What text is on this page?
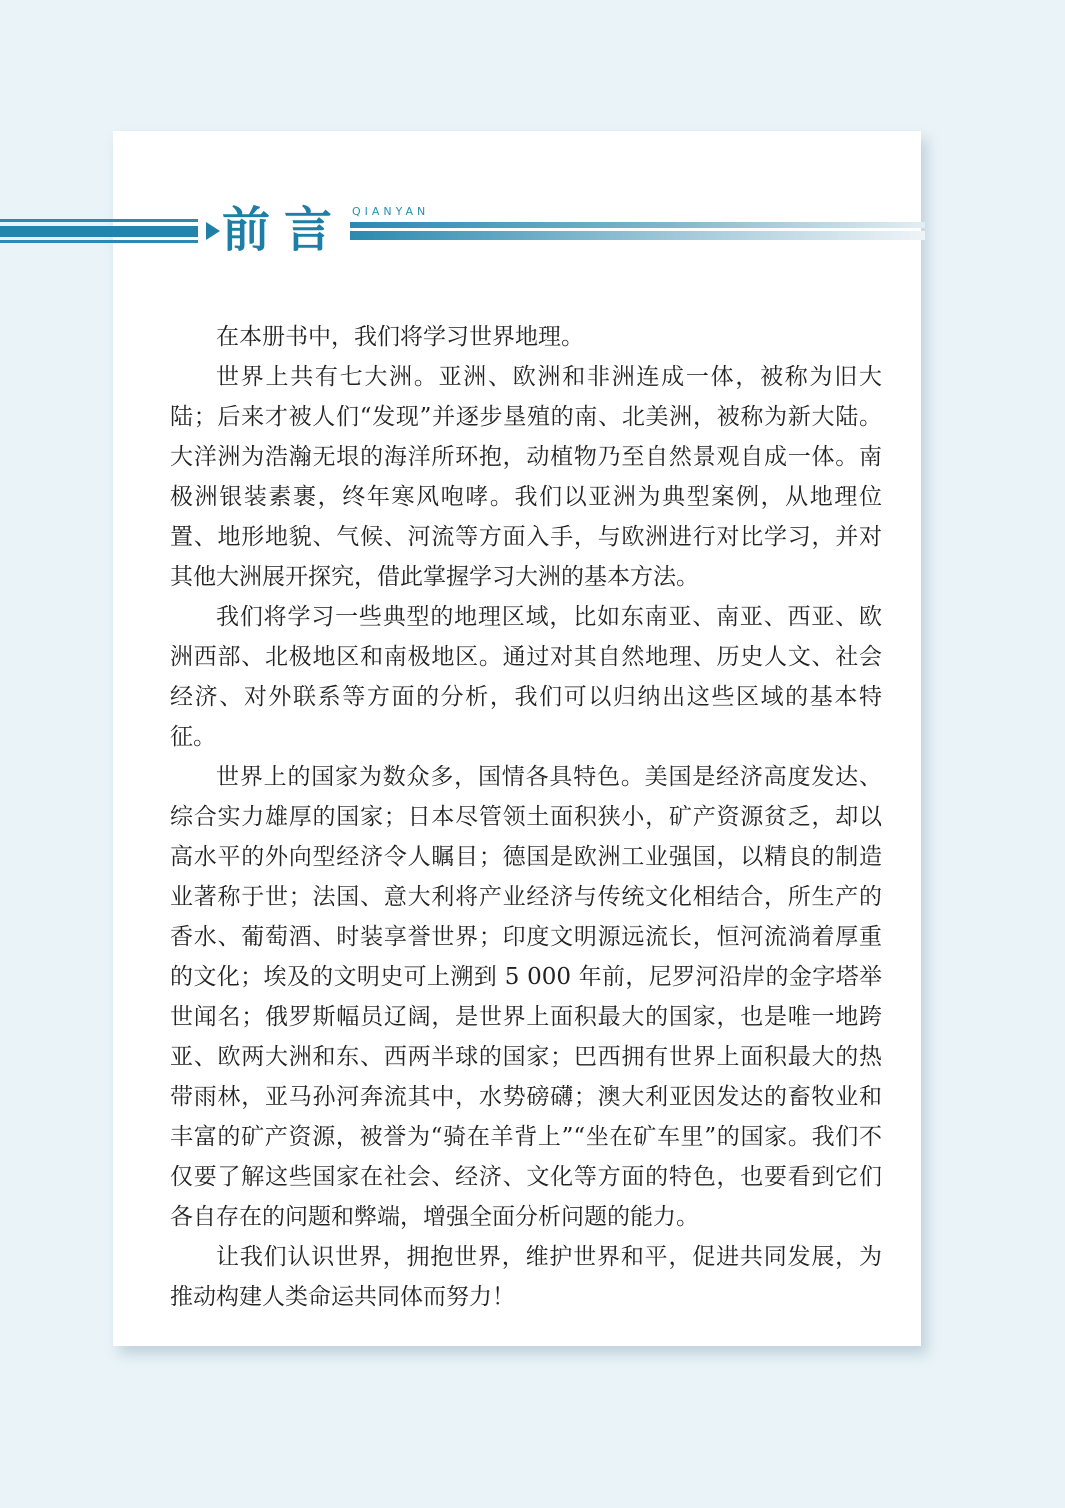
前言 QIANYAN

在本册书中，我们将学习世界地理。

世界上共有七大洲。亚洲、欧洲和非洲连成一体，被称为旧大陆；后来才被人们“发现”并逐步垦殖的南、北美洲，被称为新大陆。大洋洲为浩瀚无垠的海洋所环抱，动植物乃至自然景观自成一体。南极洲银装素裹，终年寒风咆哮。我们以亚洲为典型案例，从地理位置、地形地貌、气候、河流等方面入手，与欧洲进行对比学习，并对其他大洲展开探究，借此掌握学习大洲的基本方法。

我们将学习一些典型的地理区域，比如东南亚、南亚、西亚、欧洲西部、北极地区和南极地区。通过对其自然地理、历史人文、社会经济、对外联系等方面的分析，我们可以归纳出这些区域的基本特征。

世界上的国家为数众多，国情各具特色。美国是经济高度发达、综合实力雄厚的国家；日本尽管领土面积狭小，矿产资源贫乏，却以高水平的外向型经济令人瞩目；德国是欧洲工业强国，以精良的制造业著称于世；法国、意大利将产业经济与传统文化相结合，所生产的香水、葡萄酒、时装享誉世界；印度文明源远流长，恒河流淌着厚重的文化；埃及的文明史可上溯到 5 000 年前，尼罗河沿岸的金字塔举世闻名；俄罗斯幅员辽阔，是世界上面积最大的国家，也是唯一地跨亚、欧两大洲和东、西两半球的国家；巴西拥有世界上面积最大的热带雨林，亚马孙河奔流其中，水势磅礴；澳大利亚因发达的畜牧业和丰富的矿产资源，被誉为“骑在羊背上”“坐在矿车里”的国家。我们不仅要了解这些国家在社会、经济、文化等方面的特色，也要看到它们各自存在的问题和弊端，增强全面分析问题的能力。

让我们认识世界，拥抱世界，维护世界和平，促进共同发展，为推动构建人类命运共同体而努力！
